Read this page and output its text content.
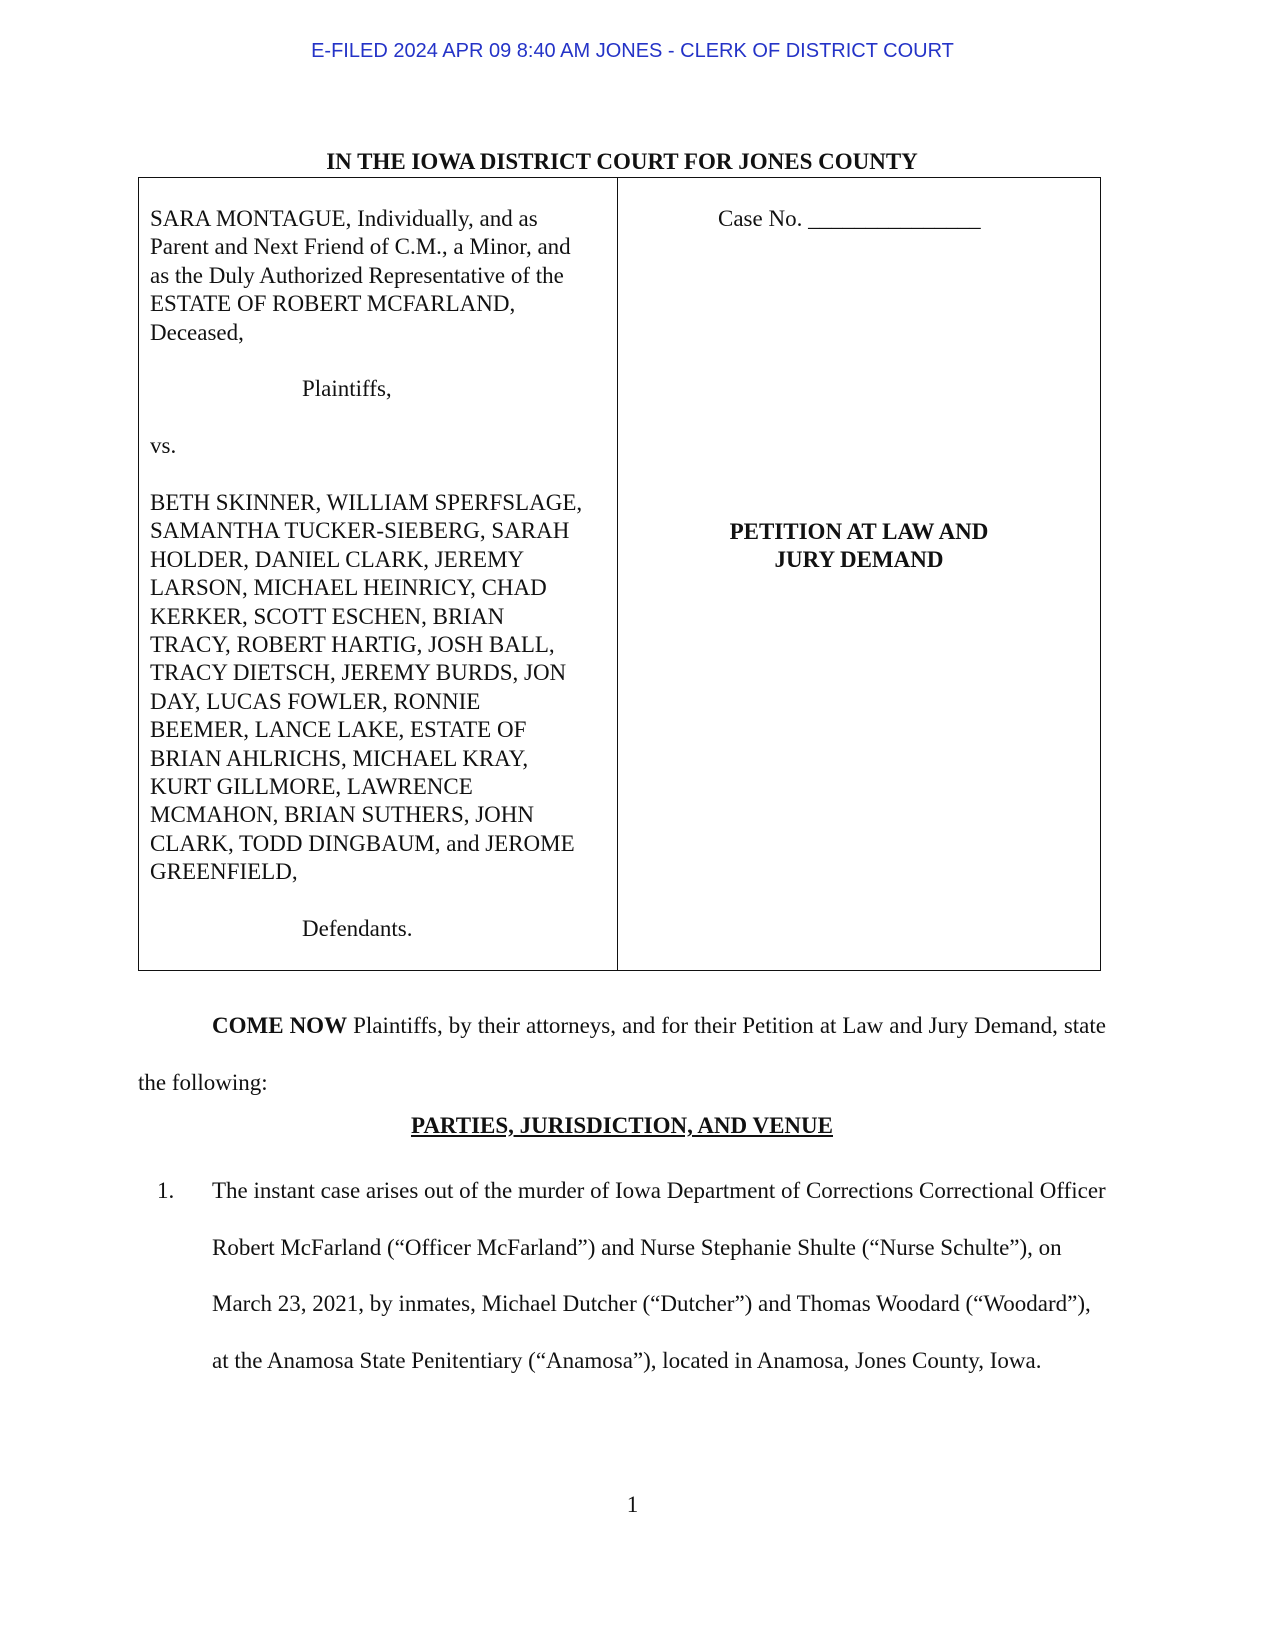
E-FILED 2024 APR 09 8:40 AM JONES - CLERK OF DISTRICT COURT
IN THE IOWA DISTRICT COURT FOR JONES COUNTY

SARA MONTAGUE, Individually, and as
Parent and Next Friend of C.M., a Minor, and
as the Duly Authorized Representative of the
ESTATE OF ROBERT MCFARLAND,
Deceased,

Plaintiffs,

vs.

BETH SKINNER, WILLIAM SPERFSLAGE,
SAMANTHA TUCKER-SIEBERG, SARAH
HOLDER, DANIEL CLARK, JEREMY
LARSON, MICHAEL HEINRICY, CHAD
KERKER, SCOTT ESCHEN, BRIAN
TRACY, ROBERT HARTIG, JOSH BALL,
TRACY DIETSCH, JEREMY BURDS, JON
DAY, LUCAS FOWLER, RONNIE
BEEMER, LANCE LAKE, ESTATE OF
BRIAN AHLRICHS, MICHAEL KRAY,
KURT GILLMORE, LAWRENCE
MCMAHON, BRIAN SUTHERS, JOHN
CLARK, TODD DINGBAUM, and JEROME
GREENFIELD,

Defendants.

Case No. _______________
PETITION AT LAW AND
JURY DEMAND

COME NOW Plaintiffs, by their attorneys, and for their Petition at Law and Jury Demand, state the following:

PARTIES, JURISDICTION, AND VENUE
1. The instant case arises out of the murder of Iowa Department of Corrections Correctional Officer Robert McFarland (“Officer McFarland”) and Nurse Stephanie Shulte (“Nurse Schulte”), on March 23, 2021, by inmates, Michael Dutcher (“Dutcher”) and Thomas Woodard (“Woodard”), at the Anamosa State Penitentiary (“Anamosa”), located in Anamosa, Jones County, Iowa.

1
